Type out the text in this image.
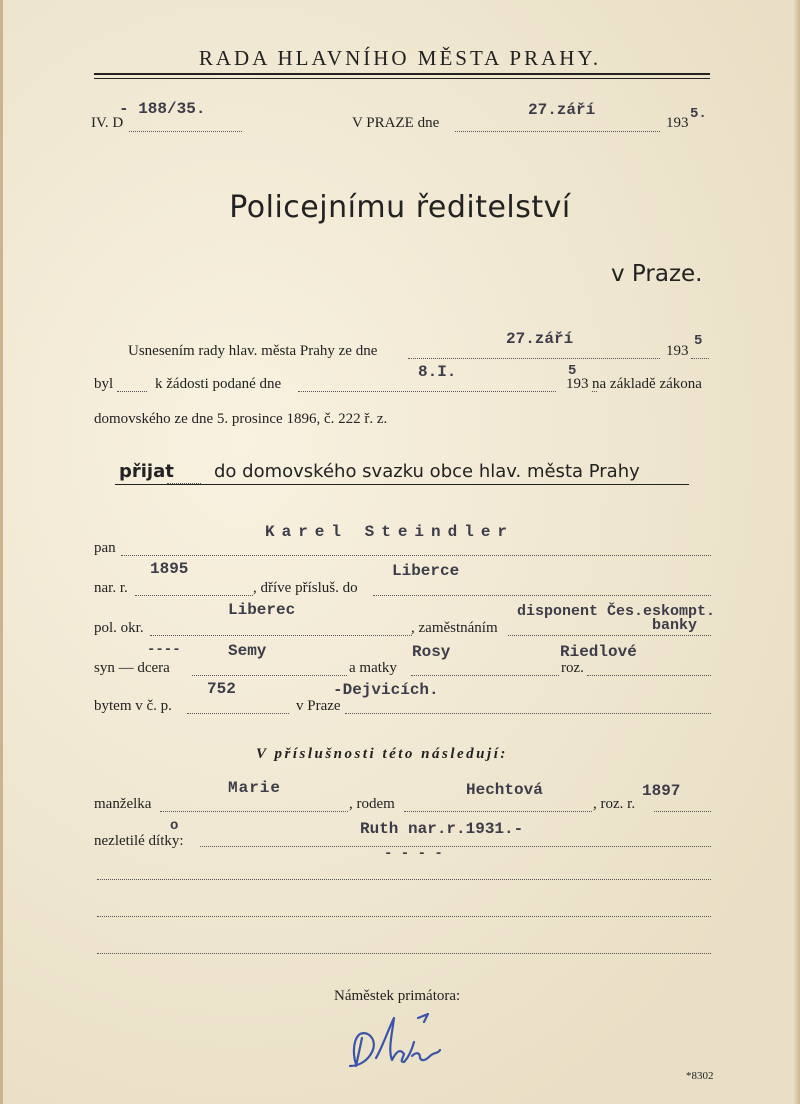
RADA HLAVNÍHO MĚSTA PRAHY.
IV. D
- 188/35.
V PRAZE dne
27.září
193
5.
Policejnímu ředitelství
v Praze.
Usnesením rady hlav. města Prahy ze dne
27.září
193
5
byl	k žádosti podané dne
8.I.
193
5
na základě zákona
domovského ze dne 5. prosince 1896, č. 222 ř. z.
přijat do domovského svazku obce hlav. města Prahy
pan
Karel Steindler
nar. r.
1895
, dříve přísluš. do
Liberce
pol. okr.
Liberec
, zaměstnáním
disponent Čes.eskompt.
banky
----
syn — dcera
Semy
a matky
Rosy
roz.
Riedlové
bytem v č. p.
752
v Praze
-Dejvicích.
V příslušnosti této následují:
manželka
Marie
, rodem
Hechtová
, roz. r.
1897
o
nezletilé dítky:
Ruth nar.r.1931.-
- - - -
Náměstek primátora:
*8302
